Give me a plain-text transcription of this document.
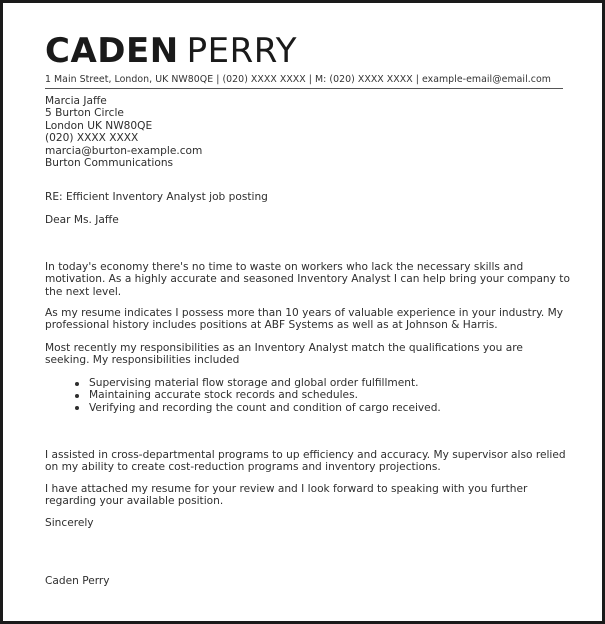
CADEN PERRY
1 Main Street, London, UK NW80QE | (020) XXXX XXXX | M: (020) XXXX XXXX | example-email@email.com
Marcia Jaffe
5 Burton Circle
London UK NW80QE
(020) XXXX XXXX
marcia@burton-example.com
Burton Communications
RE: Efficient Inventory Analyst job posting
Dear Ms. Jaffe

In today's economy there's no time to waste on workers who lack the necessary skills and motivation. As a highly accurate and seasoned Inventory Analyst I can help bring your company to the next level.

As my resume indicates I possess more than 10 years of valuable experience in your industry. My professional history includes positions at ABF Systems as well as at Johnson & Harris.

Most recently my responsibilities as an Inventory Analyst match the qualifications you are seeking. My responsibilities included

Supervising material flow storage and global order fulfillment.
Maintaining accurate stock records and schedules.
Verifying and recording the count and condition of cargo received.

I assisted in cross-departmental programs to up efficiency and accuracy. My supervisor also relied on my ability to create cost-reduction programs and inventory projections.

I have attached my resume for your review and I look forward to speaking with you further regarding your available position.

Sincerely
Caden Perry
